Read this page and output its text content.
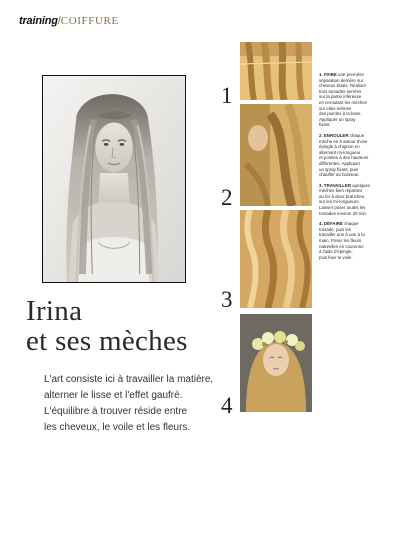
training/COIFFURE
Irina
et ses mèches
L'art consiste ici à travailler la matière,
alterner le lisse et l'effet gaufré.
L'équilibre à trouver réside entre
les cheveux, le voile et les fleurs.
1
2
3
4
1. FAIRE une première
séparation derrière sur
cheveux lissés. Réaliser
trois torsades serrées
sur la partie inférieure
en enroulant les mèches
sur elles-mêmes
des pointes à la base.
Appliquer un spray
fixant.
2. ENROULER chaque
mèche en 8 autour d'une
épingle à chignon en
alternant mi-longueur
et pointes à des hauteurs
différentes. Appliquer
un spray fixant, puis
chauffer au boisseur.
3. TRAVAILLER quelques
mèches bien réparties
au fer à deux branches,
sur les mi-longueurs.
Laisser poser toutes les
torsades environ 30 min.
4. DÉFAIRE chaque
torsade, puis les
travailler une à une à la
main. Poser les fleurs
naturelles en couronne
à l'aide d'épingle,
puis fixer le voile.
